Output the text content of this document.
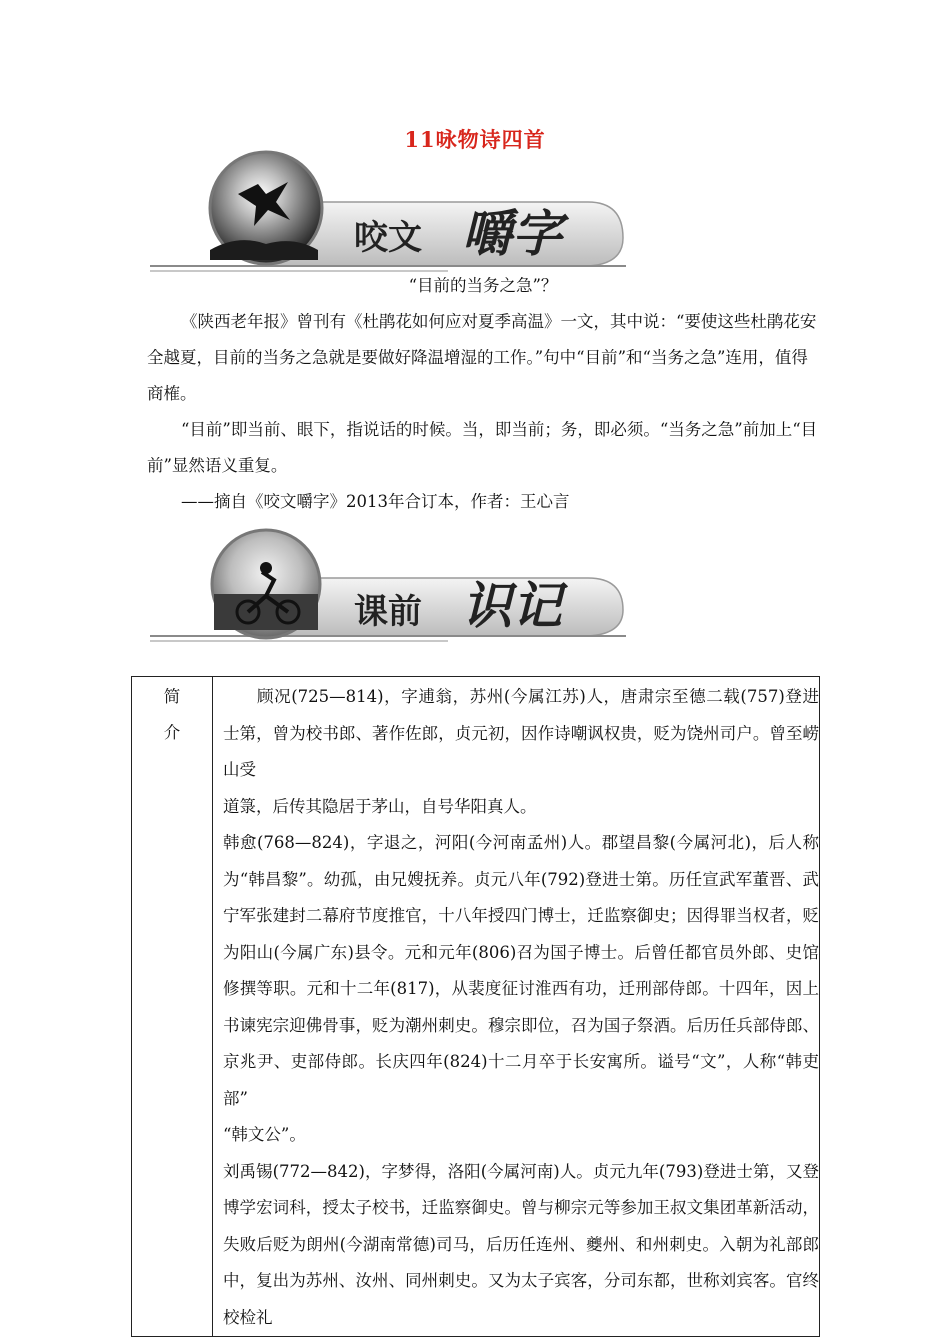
11咏物诗四首
咬文 嚼字

“目前的当务之急”？

《陕西老年报》曾刊有《杜鹃花如何应对夏季高温》一文，其中说：“要使这些杜鹃花安全越夏，目前的当务之急就是要做好降温增湿的工作。”句中“目前”和“当务之急”连用，值得商榷。

“目前”即当前、眼下，指说话的时候。当，即当前；务，即必须。“当务之急”前加上“目前”显然语义重复。

——摘自《咬文嚼字》2013年合订本，作者：王心言

课前 识记
简
介

顾况(725—814)，字逋翁，苏州(今属江苏)人，唐肃宗至德二载(757)登进士第，曾为校书郎、著作佐郎，贞元初，因作诗嘲讽权贵，贬为饶州司户。曾至崂山受

道箓，后传其隐居于茅山，自号华阳真人。

韩愈(768—824)，字退之，河阳(今河南孟州)人。郡望昌黎(今属河北)，后人称为“韩昌黎”。幼孤，由兄嫂抚养。贞元八年(792)登进士第。历任宣武军董晋、武宁军张建封二幕府节度推官，十八年授四门博士，迁监察御史；因得罪当权者，贬为阳山(今属广东)县令。元和元年(806)召为国子博士。后曾任都官员外郎、史馆修撰等职。元和十二年(817)，从裴度征讨淮西有功，迁刑部侍郎。十四年，因上书谏宪宗迎佛骨事，贬为潮州刺史。穆宗即位，召为国子祭酒。后历任兵部侍郎、京兆尹、吏部侍郎。长庆四年(824)十二月卒于长安寓所。谥号“文”，人称“韩吏部”

“韩文公”。

刘禹锡(772—842)，字梦得，洛阳(今属河南)人。贞元九年(793)登进士第，又登博学宏词科，授太子校书，迁监察御史。曾与柳宗元等参加王叔文集团革新活动，失败后贬为朗州(今湖南常德)司马，后历任连州、夔州、和州刺史。入朝为礼部郎中，复出为苏州、汝州、同州刺史。又为太子宾客，分司东都，世称刘宾客。官终校检礼
